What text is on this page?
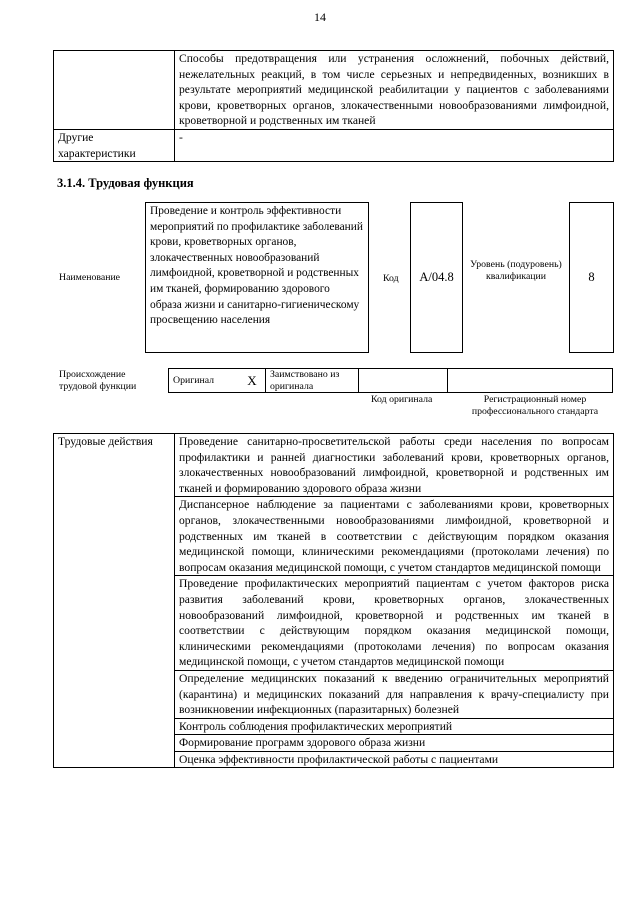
14
	Способы предотвращения или устранения осложнений, побочных действий, нежелательных реакций, в том числе серьезных и непредвиденных, возникших в результате мероприятий медицинской реабилитации у пациентов с заболеваниями крови, кроветворных органов, злокачественными новообразованиями лимфоидной, кроветворной и родственных им тканей
Другие характеристики	-
3.1.4. Трудовая функция
Наименование
Проведение и контроль эффективности мероприятий по профилактике заболеваний крови, кроветворных органов, злокачественных новообразований лимфоидной, кроветворной и родственных им тканей, формированию здорового образа жизни и санитарно-гигиеническому просвещению населения
Код A/04.8
Уровень (подуровень) квалификации	8
Происхождение трудовой функции
Оригинал	X	Заимствовано из оригинала		
Код оригинала	Регистрационный номер профессионального стандарта
Трудовые действия	Проведение санитарно-просветительской работы среди населения по вопросам профилактики и ранней диагностики заболеваний крови, кроветворных органов, злокачественных новообразований лимфоидной, кроветворной и родственных им тканей и формированию здорового образа жизни
Диспансерное наблюдение за пациентами с заболеваниями крови, кроветворных органов, злокачественными новообразованиями лимфоидной, кроветворной и родственных им тканей в соответствии с действующим порядком оказания медицинской помощи, клиническими рекомендациями (протоколами лечения) по вопросам оказания медицинской помощи, с учетом стандартов медицинской помощи
Проведение профилактических мероприятий пациентам с учетом факторов риска развития заболеваний крови, кроветворных органов, злокачественных новообразований лимфоидной, кроветворной и родственных им тканей в соответствии с действующим порядком оказания медицинской помощи, клиническими рекомендациями (протоколами лечения) по вопросам оказания медицинской помощи, с учетом стандартов медицинской помощи
Определение медицинских показаний к введению ограничительных мероприятий (карантина) и медицинских показаний для направления к врачу-специалисту при возникновении инфекционных (паразитарных) болезней
Контроль соблюдения профилактических мероприятий
Формирование программ здорового образа жизни
Оценка эффективности профилактической работы с пациентами
